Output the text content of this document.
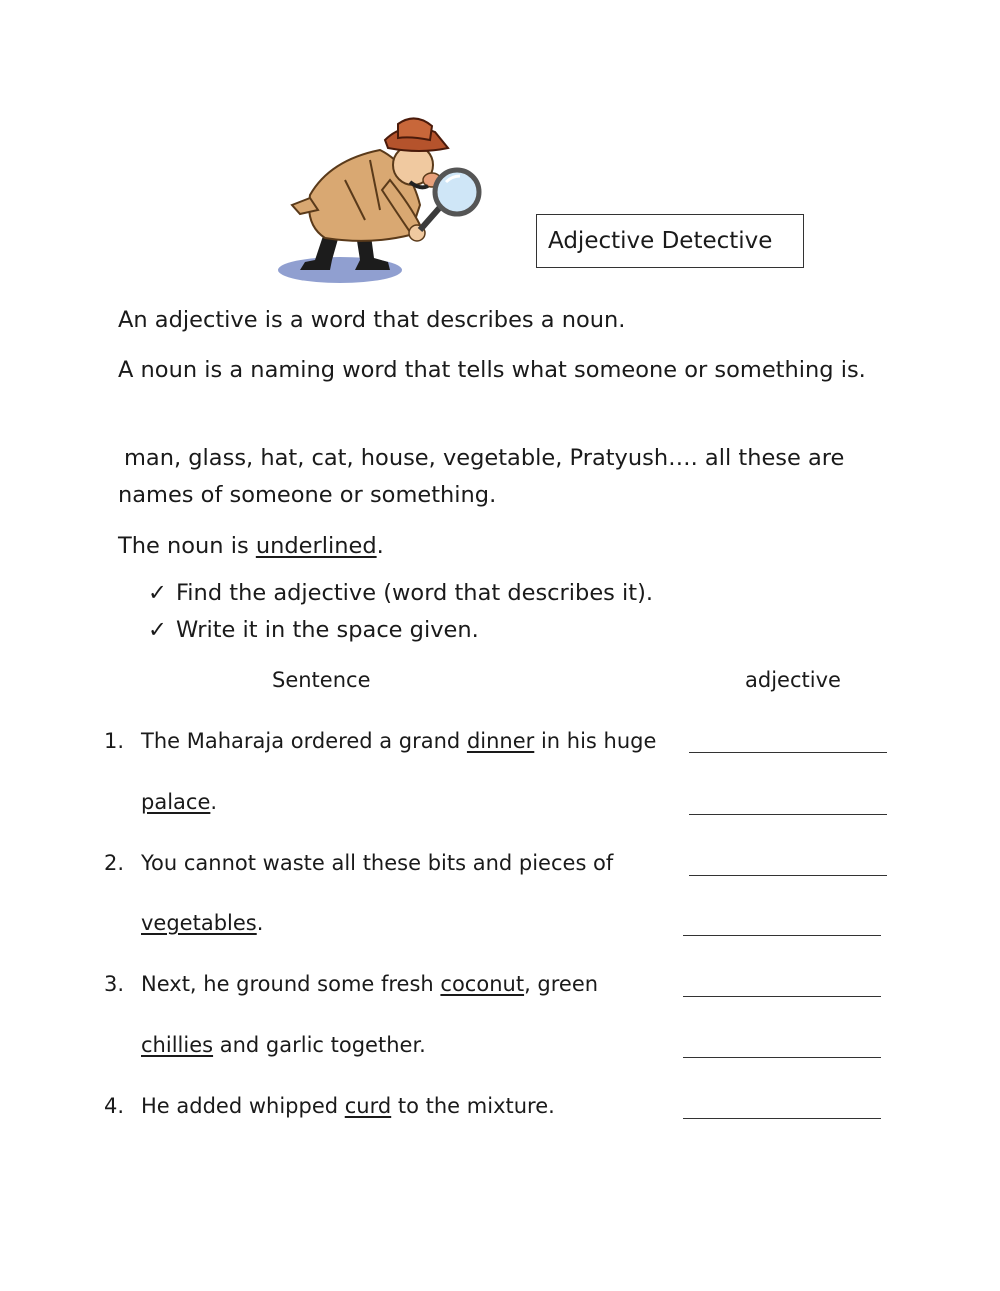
Adjective Detective
An adjective is a word that describes a noun.
A noun is a naming word that tells what someone or something is.
man, glass, hat, cat, house, vegetable, Pratyush…. all these are names of someone or something.
The noun is underlined.
✓ Find the adjective (word that describes it).
✓ Write it in the space given.
Sentence	adjective
1. The Maharaja ordered a grand dinner in his huge
palace.
2. You cannot waste all these bits and pieces of
vegetables.
3. Next, he ground some fresh coconut, green
chillies and garlic together.
4. He added whipped curd to the mixture.
